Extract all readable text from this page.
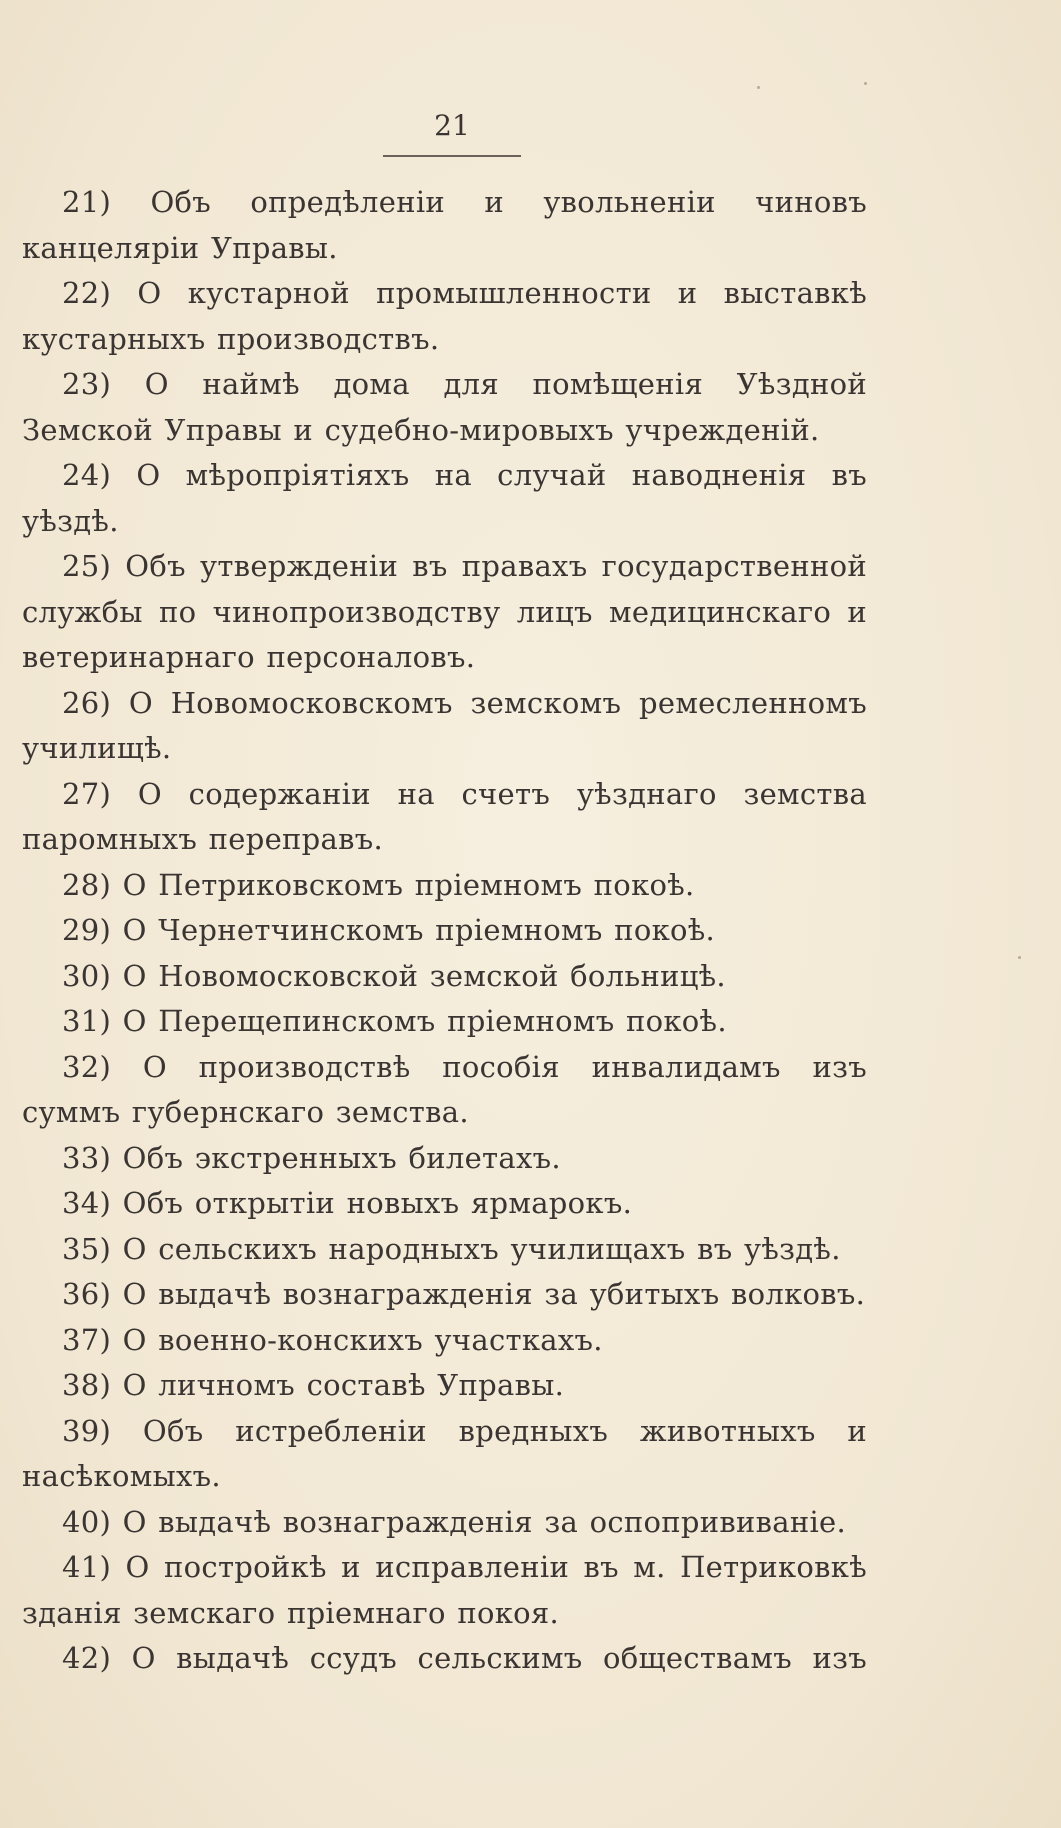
21

21) Объ опредѣленіи и увольненіи чиновъ канцеляріи Управы.

22) О кустарной промышленности и выставкѣ кустарныхъ производствъ.

23) О наймѣ дома для помѣщенія Уѣздной Земской Управы и судебно-мировыхъ учрежденій.

24) О мѣропріятіяхъ на случай наводненія въ уѣздѣ.

25) Объ утвержденіи въ правахъ государственной службы по чинопроизводству лицъ медицинскаго и ветеринарнаго персоналовъ.

26) О Новомосковскомъ земскомъ ремесленномъ училищѣ.

27) О содержаніи на счетъ уѣзднаго земства паромныхъ переправъ.

28) О Петриковскомъ пріемномъ покоѣ.

29) О Чернетчинскомъ пріемномъ покоѣ.

30) О Новомосковской земской больницѣ.

31) О Перещепинскомъ пріемномъ покоѣ.

32) О производствѣ пособія инвалидамъ изъ суммъ губернскаго земства.

33) Объ экстренныхъ билетахъ.

34) Объ открытіи новыхъ ярмарокъ.

35) О сельскихъ народныхъ училищахъ въ уѣздѣ.

36) О выдачѣ вознагражденія за убитыхъ волковъ.

37) О военно-конскихъ участкахъ.

38) О личномъ составѣ Управы.

39) Объ истребленіи вредныхъ животныхъ и насѣкомыхъ.

40) О выдачѣ вознагражденія за оспопрививаніе.

41) О постройкѣ и исправленіи въ м. Петриковкѣ зданія земскаго пріемнаго покоя.

42) О выдачѣ ссудъ сельскимъ обществамъ изъ
